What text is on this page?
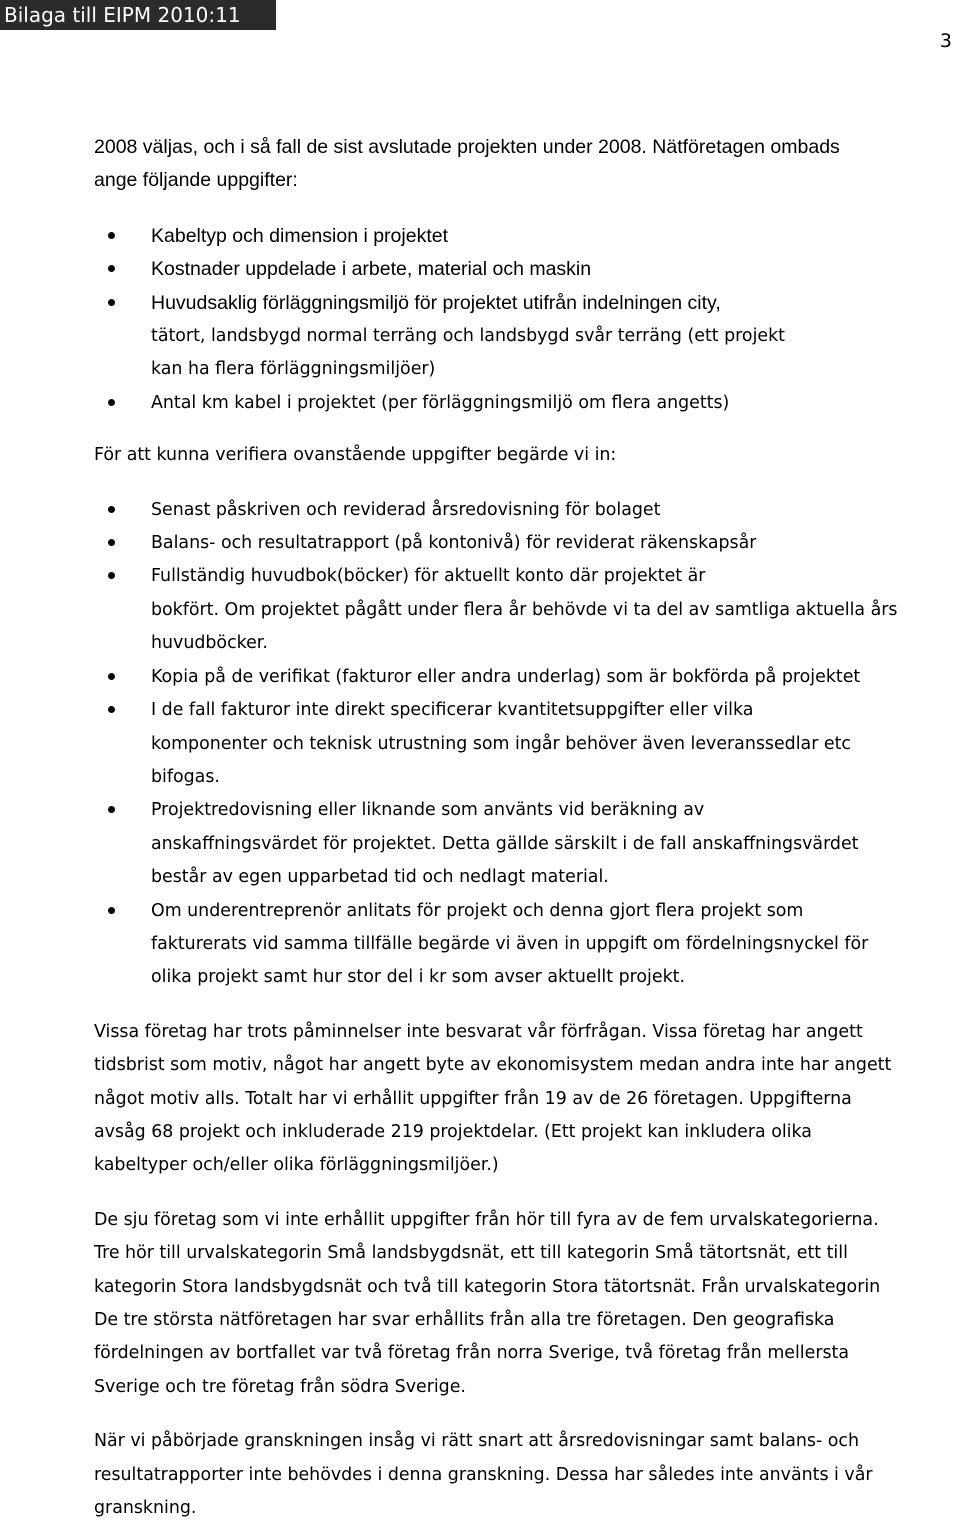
Bilaga till EIPM 2010:11
3
2008 väljas, och i så fall de sist avslutade projekten under 2008. Nätföretagen ombads
ange följande uppgifter:
Kabeltyp och dimension i projektet
Kostnader uppdelade i arbete, material och maskin
Huvudsaklig förläggningsmiljö för projektet utifrån indelningen city,
tätort, landsbygd normal terräng och landsbygd svår terräng (ett projekt
kan ha flera förläggningsmiljöer)
Antal km kabel i projektet (per förläggningsmiljö om flera angetts)

För att kunna verifiera ovanstående uppgifter begärde vi in:

Senast påskriven och reviderad årsredovisning för bolaget
Balans- och resultatrapport (på kontonivå) för reviderat räkenskapsår
Fullständig huvudbok(böcker) för aktuellt konto där projektet är
bokfört. Om projektet pågått under flera år behövde vi ta del av samtliga aktuella års
huvudböcker.
Kopia på de verifikat (fakturor eller andra underlag) som är bokförda på projektet
I de fall fakturor inte direkt specificerar kvantitetsuppgifter eller vilka
komponenter och teknisk utrustning som ingår behöver även leveranssedlar etc
bifogas.
Projektredovisning eller liknande som använts vid beräkning av
anskaffningsvärdet för projektet. Detta gällde särskilt i de fall anskaffningsvärdet
består av egen upparbetad tid och nedlagt material.
Om underentreprenör anlitats för projekt och denna gjort flera projekt som
fakturerats vid samma tillfälle begärde vi även in uppgift om fördelningsnyckel för
olika projekt samt hur stor del i kr som avser aktuellt projekt.
Vissa företag har trots påminnelser inte besvarat vår förfrågan. Vissa företag har angett
tidsbrist som motiv, något har angett byte av ekonomisystem medan andra inte har angett
något motiv alls. Totalt har vi erhållit uppgifter från 19 av de 26 företagen. Uppgifterna
avsåg 68 projekt och inkluderade 219 projektdelar. (Ett projekt kan inkludera olika
kabeltyper och/eller olika förläggningsmiljöer.)
De sju företag som vi inte erhållit uppgifter från hör till fyra av de fem urvalskategorierna.
Tre hör till urvalskategorin Små landsbygdsnät, ett till kategorin Små tätortsnät, ett till
kategorin Stora landsbygdsnät och två till kategorin Stora tätortsnät. Från urvalskategorin
De tre största nätföretagen har svar erhållits från alla tre företagen. Den geografiska
fördelningen av bortfallet var två företag från norra Sverige, två företag från mellersta
Sverige och tre företag från södra Sverige.
När vi påbörjade granskningen insåg vi rätt snart att årsredovisningar samt balans- och
resultatrapporter inte behövdes i denna granskning. Dessa har således inte använts i vår
granskning.
